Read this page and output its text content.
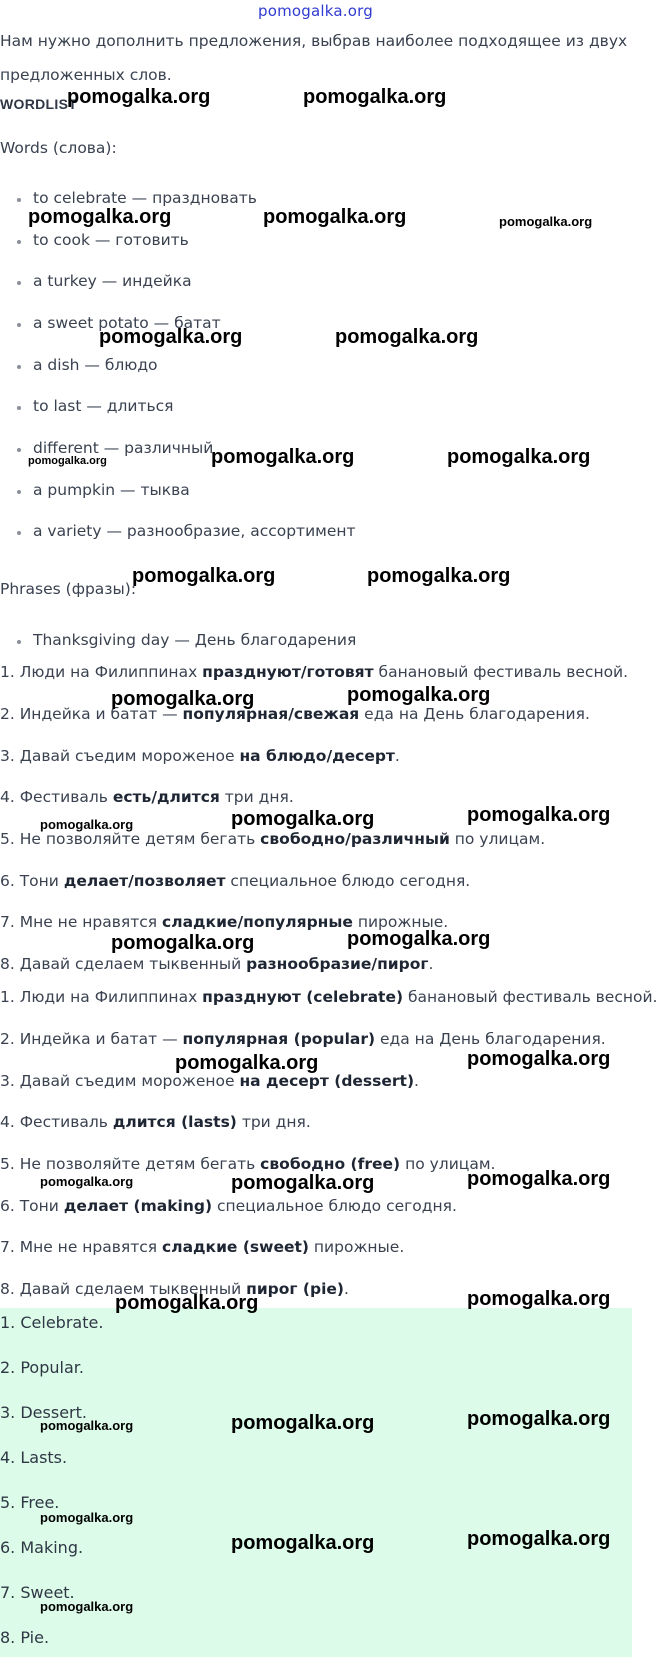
pomogalka.org
Нам нужно дополнить предложения, выбрав наиболее подходящее из двух
предложенных слов.
WORDLIST
Words (слова):
to celebrate — праздновать
to cook — готовить
a turkey — индейка
a sweet potato — батат
a dish — блюдо
to last — длиться
different — различный
a pumpkin — тыква
a variety — разнообразие, ассортимент
Phrases (фразы):
Thanksgiving day — День благодарения
1. Люди на Филиппинах празднуют/готовят банановый фестиваль весной.
2. Индейка и батат — популярная/свежая еда на День благодарения.
3. Давай съедим мороженое на блюдо/десерт.
4. Фестиваль есть/длится три дня.
5. Не позволяйте детям бегать свободно/различный по улицам.
6. Тони делает/позволяет специальное блюдо сегодня.
7. Мне не нравятся сладкие/популярные пирожные.
8. Давай сделаем тыквенный разнообразие/пирог.
1. Люди на Филиппинах празднуют (celebrate) банановый фестиваль весной.
2. Индейка и батат — популярная (popular) еда на День благодарения.
3. Давай съедим мороженое на десерт (dessert).
4. Фестиваль длится (lasts) три дня.
5. Не позволяйте детям бегать свободно (free) по улицам.
6. Тони делает (making) специальное блюдо сегодня.
7. Мне не нравятся сладкие (sweet) пирожные.
8. Давай сделаем тыквенный пирог (pie).
1. Celebrate.
2. Popular.
3. Dessert.
4. Lasts.
5. Free.
6. Making.
7. Sweet.
8. Pie.
pomogalka.org	pomogalka.org
pomogalka.org	pomogalka.org	pomogalka.org
pomogalka.org	pomogalka.org
pomogalka.org	pomogalka.org	pomogalka.org
pomogalka.org	pomogalka.org
pomogalka.org	pomogalka.org
pomogalka.org	pomogalka.org	pomogalka.org
pomogalka.org	pomogalka.org
pomogalka.org	pomogalka.org
pomogalka.org	pomogalka.org	pomogalka.org
pomogalka.org	pomogalka.org
pomogalka.org	pomogalka.org	pomogalka.org
pomogalka.org
pomogalka.org	pomogalka.org
pomogalka.org
